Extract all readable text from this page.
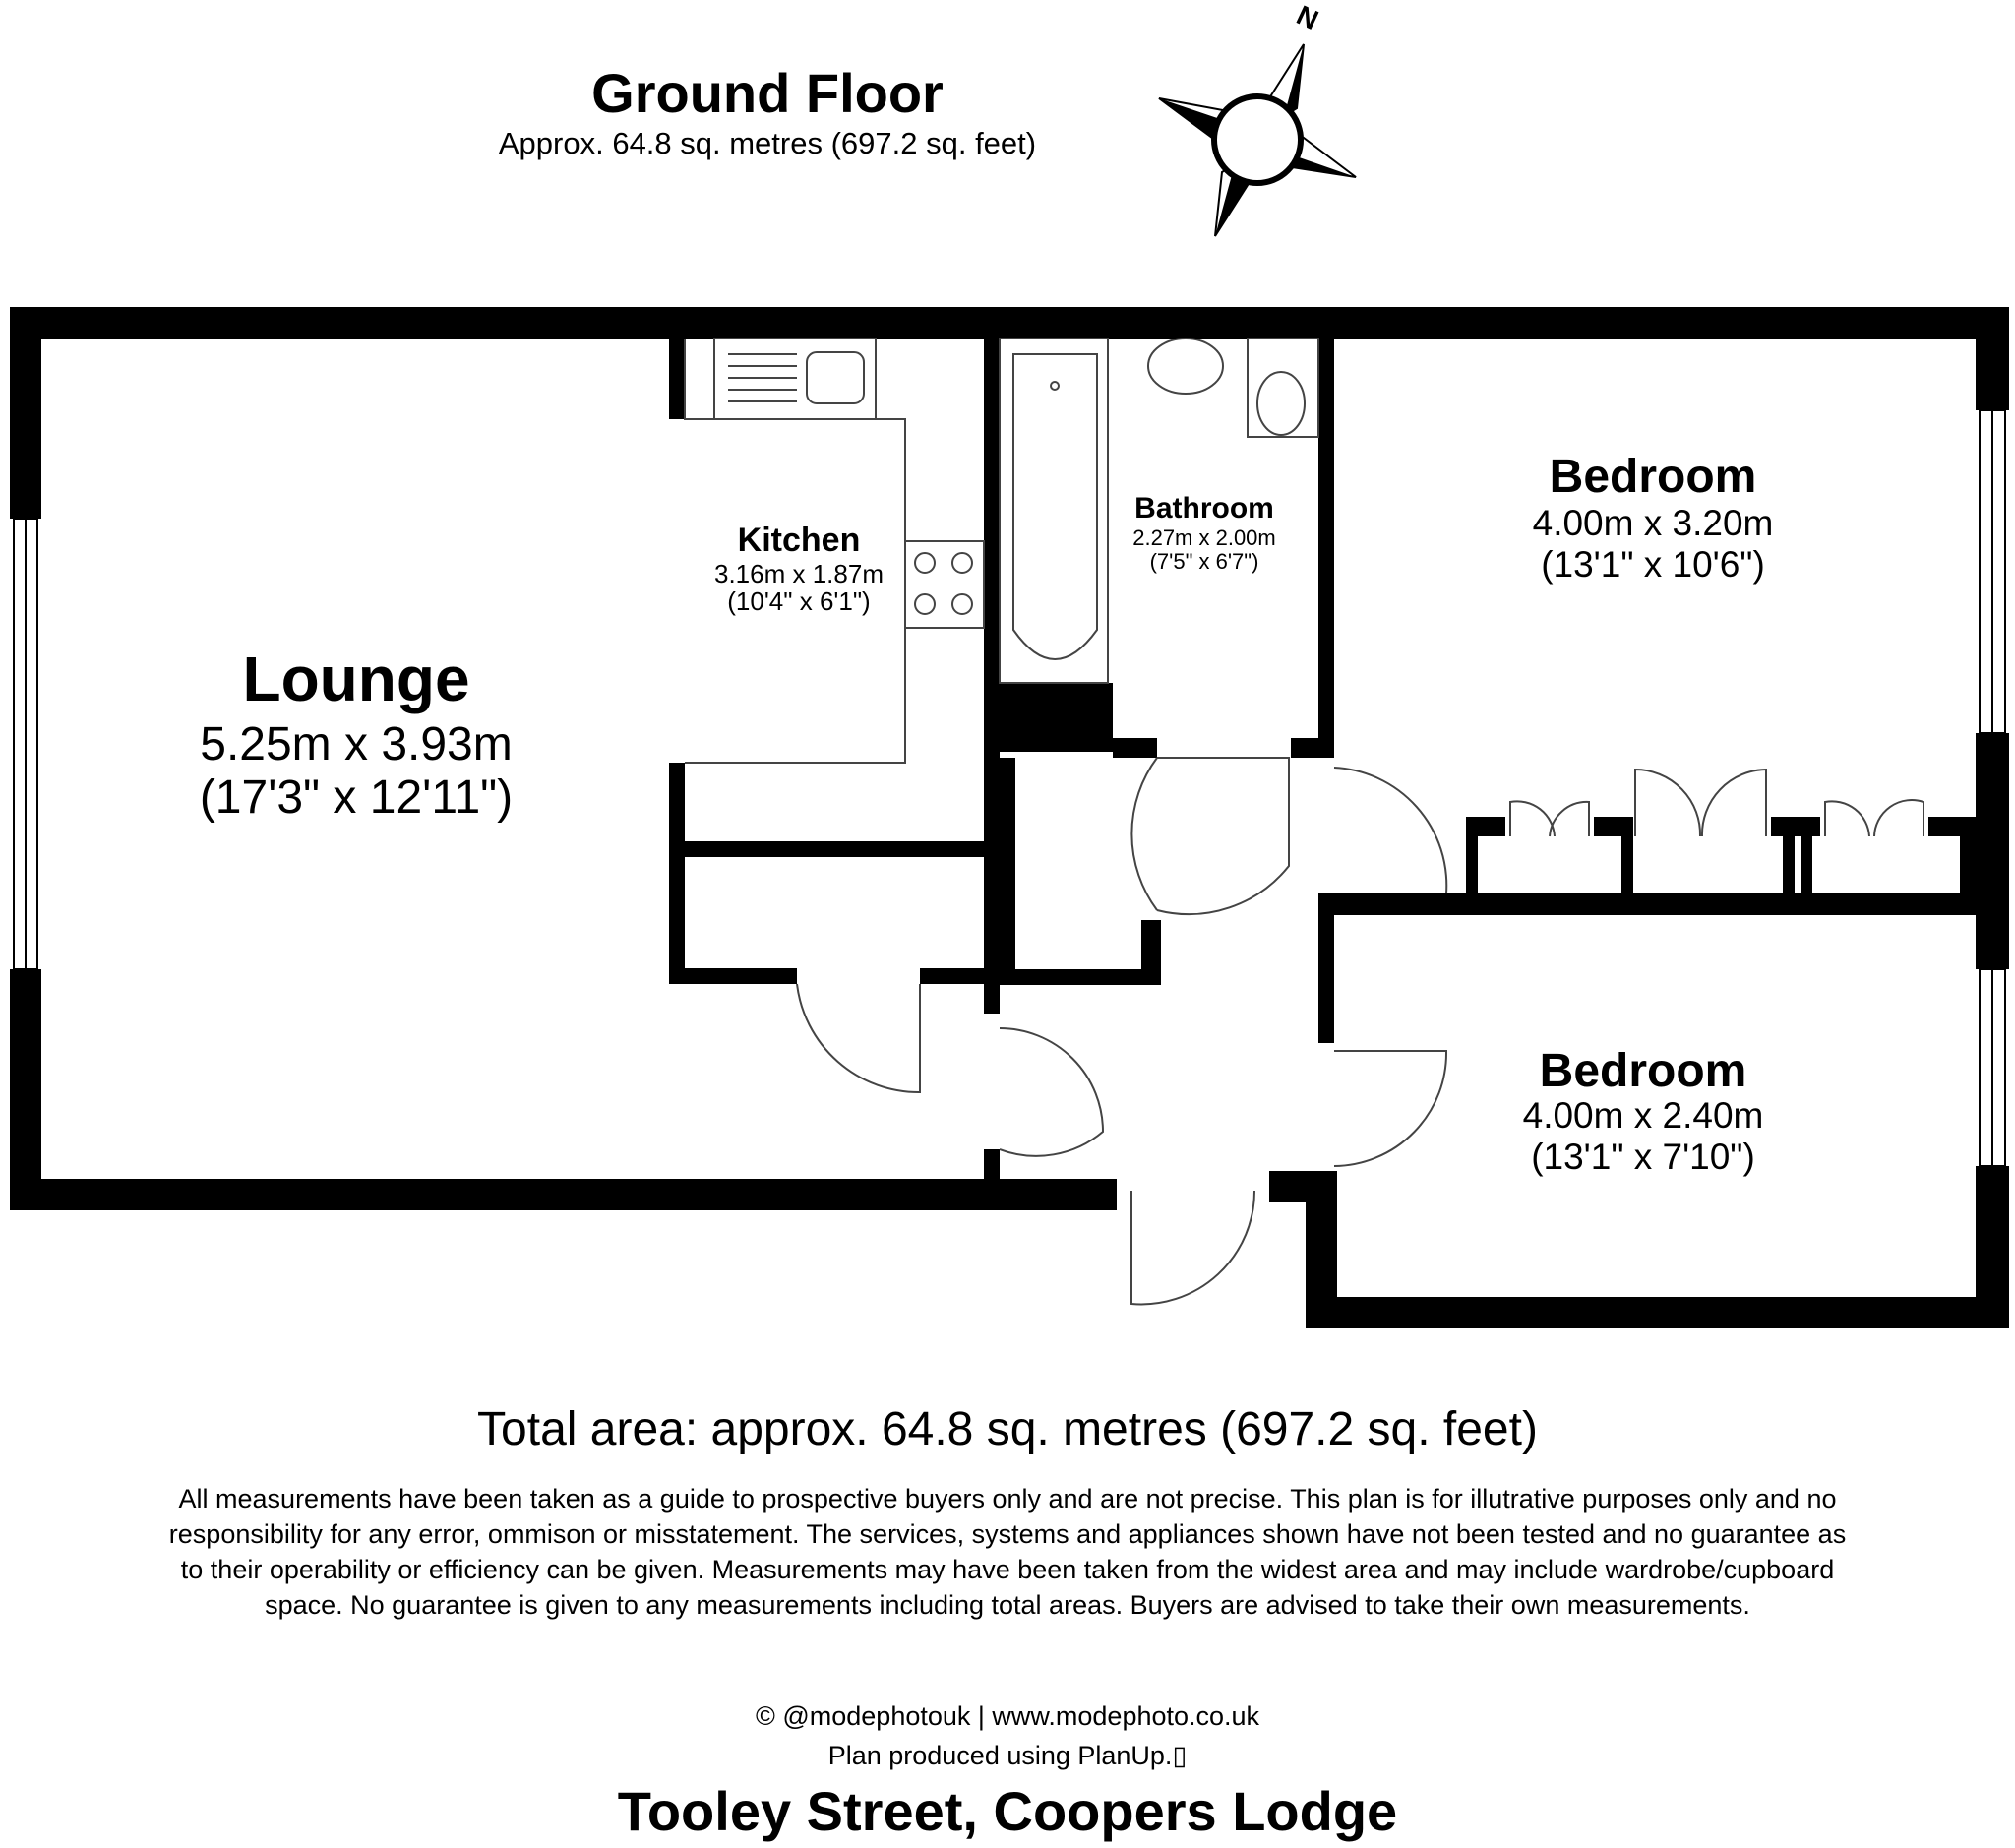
Ground Floor
Approx. 64.8 sq. metres (697.2 sq. feet)
N
Lounge
5.25m x 3.93m
(17'3" x 12'11")
Kitchen
3.16m x 1.87m
(10'4" x 6'1")
Bathroom
2.27m x 2.00m
(7'5" x 6'7")
Bedroom
4.00m x 3.20m
(13'1" x 10'6")
Bedroom
4.00m x 2.40m
(13'1" x 7'10")
Total area: approx. 64.8 sq. metres (697.2 sq. feet)
All measurements have been taken as a guide to prospective buyers only and are not precise. This plan is for illutrative purposes only and no responsibility for any error, ommison or misstatement. The services, systems and appliances shown have not been tested and no guarantee as to their operability or efficiency can be given. Measurements may have been taken from the widest area and may include wardrobe/cupboard space. No guarantee is given to any measurements including total areas. Buyers are advised to take their own measurements.
© @modephotouk | www.modephoto.co.uk
Plan produced using PlanUp.▯
Tooley Street, Coopers Lodge
